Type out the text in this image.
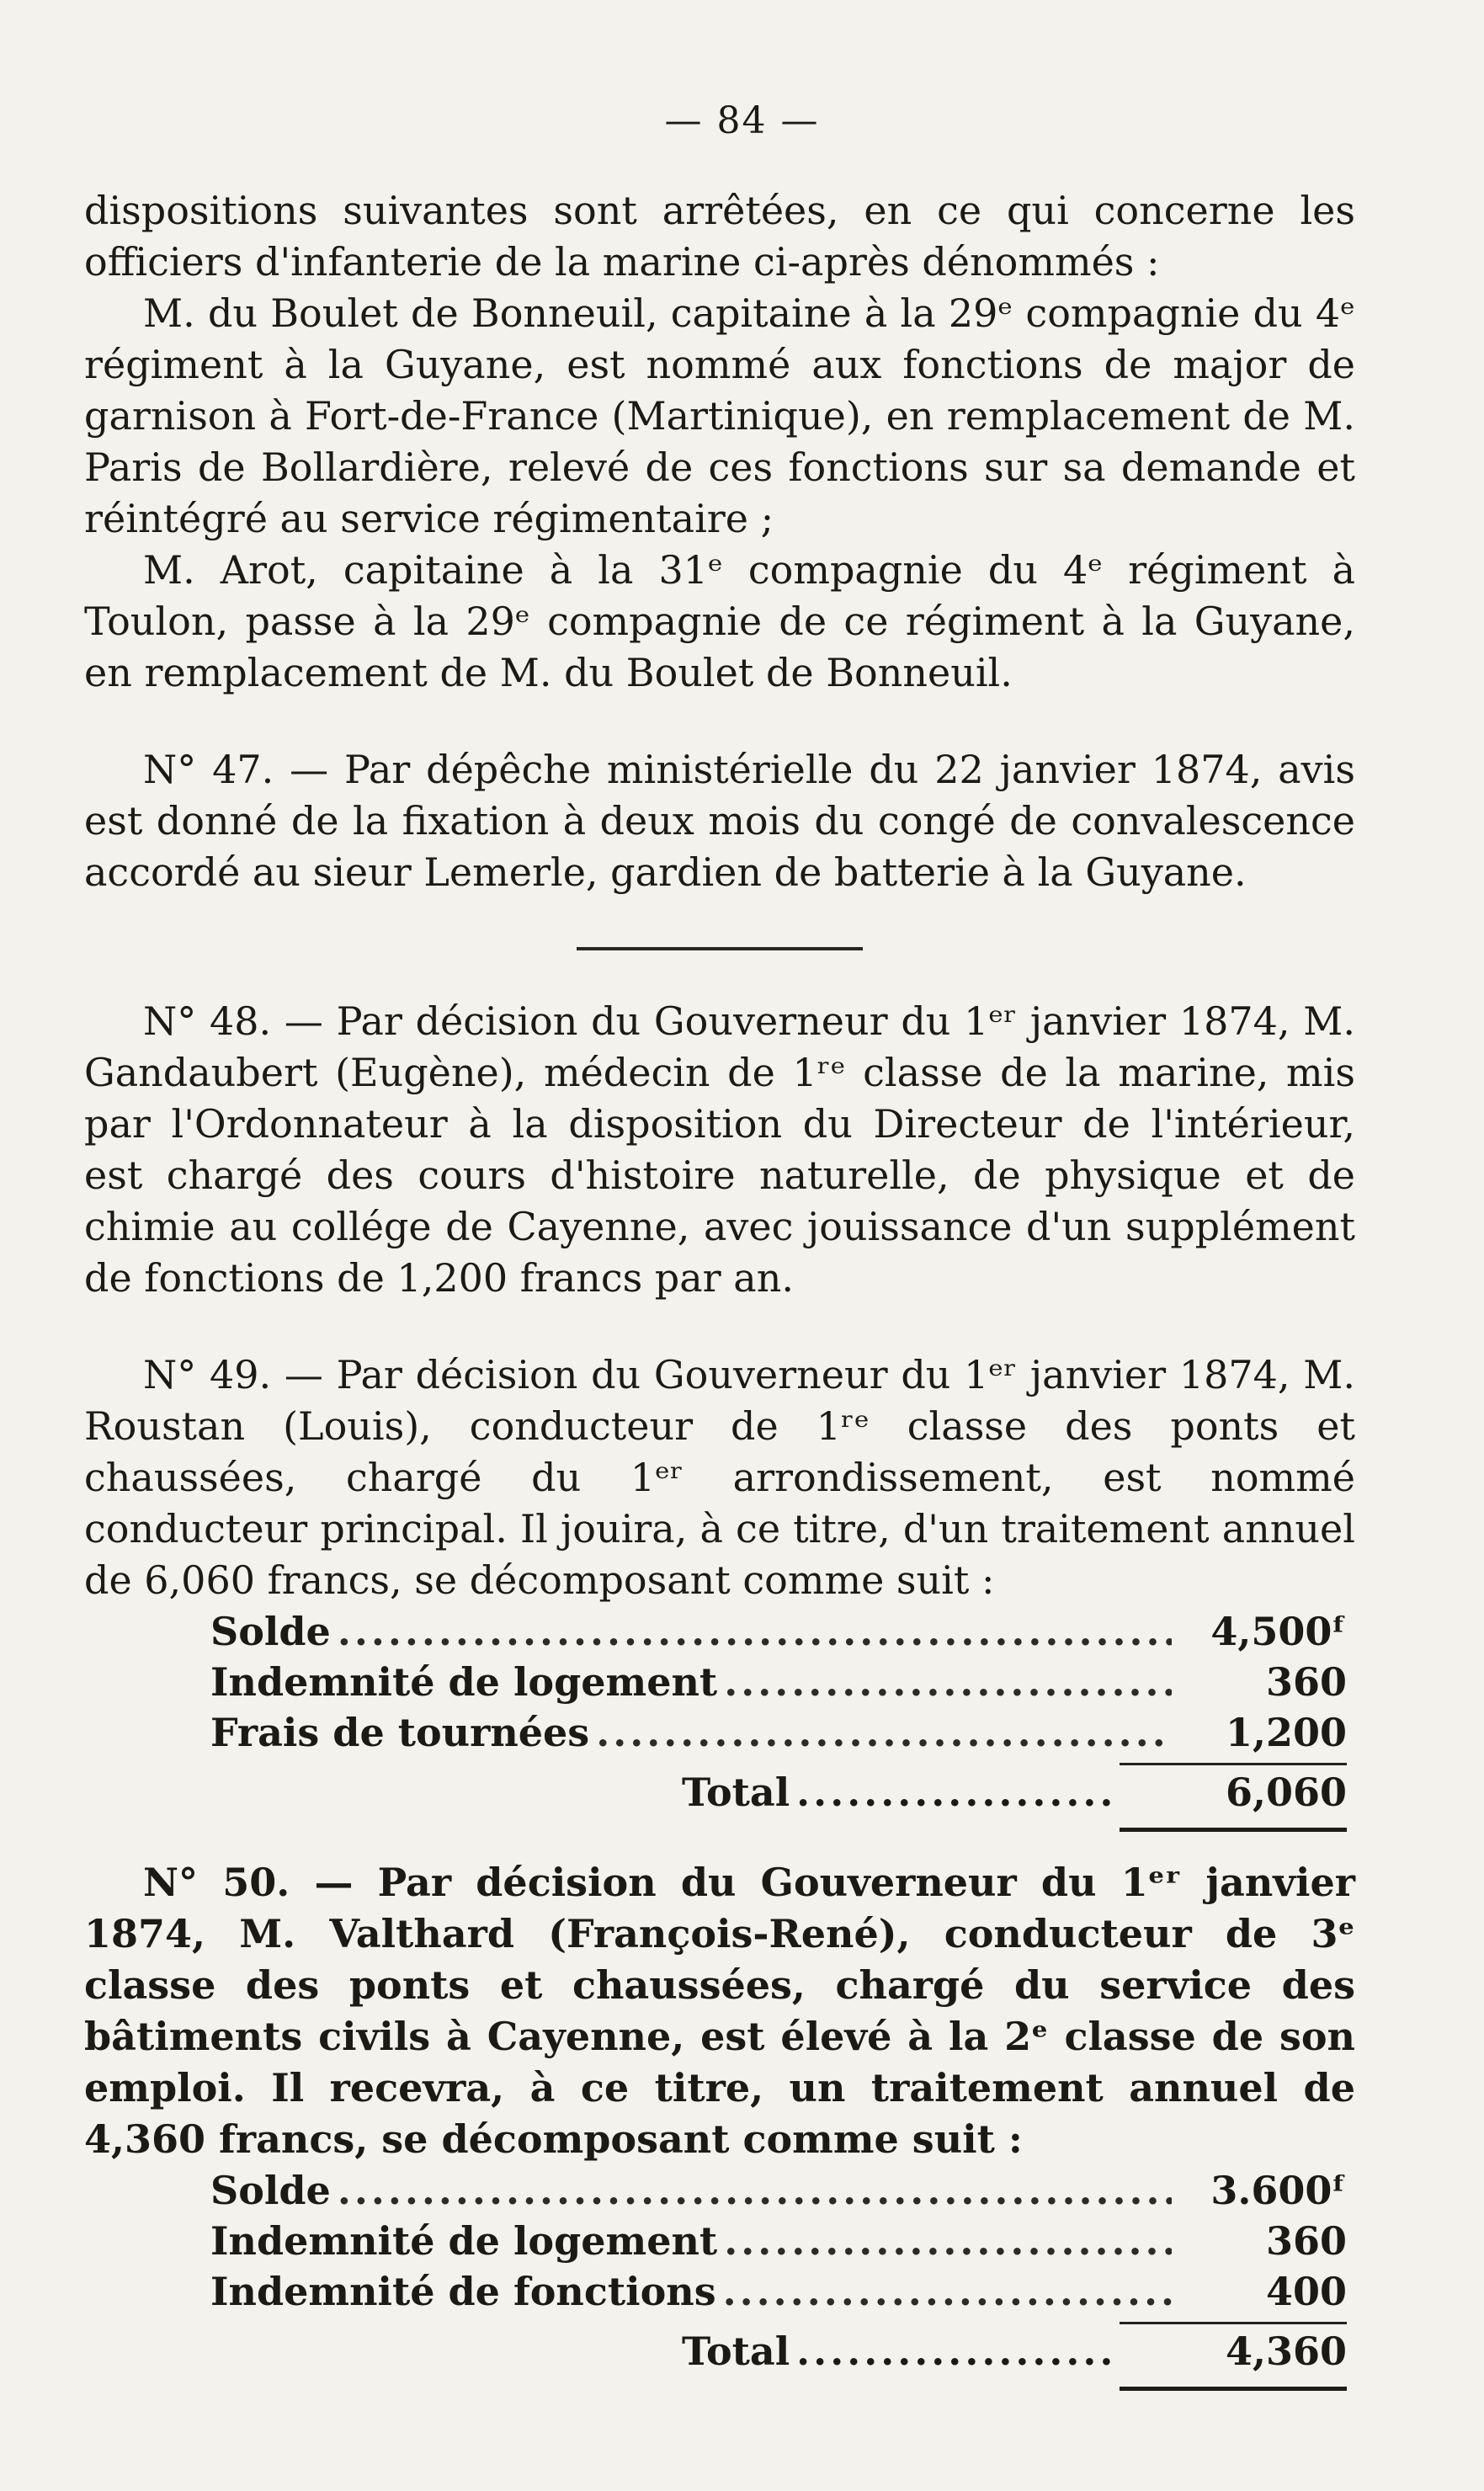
— 84 —

dispositions suivantes sont arrêtées, en ce qui concerne les officiers d'infanterie de la marine ci-après dénommés :

M. du Boulet de Bonneuil, capitaine à la 29ᵉ compagnie du 4ᵉ régiment à la Guyane, est nommé aux fonctions de major de garnison à Fort-de-France (Martinique), en remplacement de M. Paris de Bollardière, relevé de ces fonctions sur sa demande et réintégré au service régimentaire ;

M. Arot, capitaine à la 31ᵉ compagnie du 4ᵉ régiment à Toulon, passe à la 29ᵉ compagnie de ce régiment à la Guyane, en remplacement de M. du Boulet de Bonneuil.

N° 47. — Par dépêche ministérielle du 22 janvier 1874, avis est donné de la fixation à deux mois du congé de convalescence accordé au sieur Lemerle, gardien de batterie à la Guyane.

N° 48. — Par décision du Gouverneur du 1ᵉʳ janvier 1874, M. Gandaubert (Eugène), médecin de 1ʳᵉ classe de la marine, mis par l'Ordonnateur à la disposition du Directeur de l'intérieur, est chargé des cours d'histoire naturelle, de physique et de chimie au collége de Cayenne, avec jouissance d'un supplément de fonctions de 1,200 francs par an.

N° 49. — Par décision du Gouverneur du 1ᵉʳ janvier 1874, M. Roustan (Louis), conducteur de 1ʳᵉ classe des ponts et chaussées, chargé du 1ᵉʳ arrondissement, est nommé conducteur principal. Il jouira, à ce titre, d'un traitement annuel de 6,060 francs, se décomposant comme suit :

Solde .....	4,500ᶠ
Indemnité de logement .....	360
Frais de tournées .....	1,200
Total .....	6,060

N° 50. — Par décision du Gouverneur du 1ᵉʳ janvier 1874, M. Valthard (François-René), conducteur de 3ᵉ classe des ponts et chaussées, chargé du service des bâtiments civils à Cayenne, est élevé à la 2ᵉ classe de son emploi. Il recevra, à ce titre, un traitement annuel de 4,360 francs, se décomposant comme suit :

Solde .....	3.600ᶠ
Indemnité de logement .....	360
Indemnité de fonctions .....	400
Total .....	4,360
